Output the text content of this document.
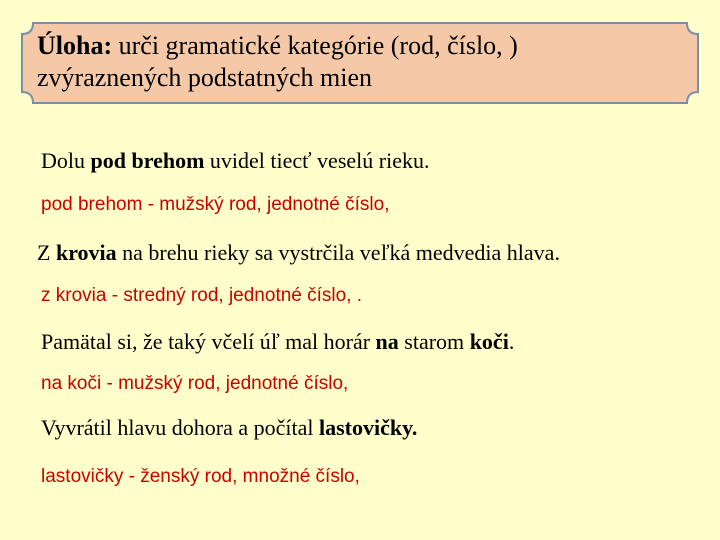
Úloha: urči gramatické kategórie (rod, číslo, )
zvýraznených podstatných mien
Dolu pod brehom uvidel tiecť veselú rieku.
pod brehom - mužský rod, jednotné číslo,
Z krovia na brehu rieky sa vystrčila veľká medvedia hlava.
z krovia - stredný rod, jednotné číslo, .
Pamätal si, že taký včelí úľ mal horár na starom koči.
na koči - mužský rod, jednotné číslo,
Vyvrátil hlavu dohora a počítal lastovičky.
lastovičky - ženský rod, množné číslo,
